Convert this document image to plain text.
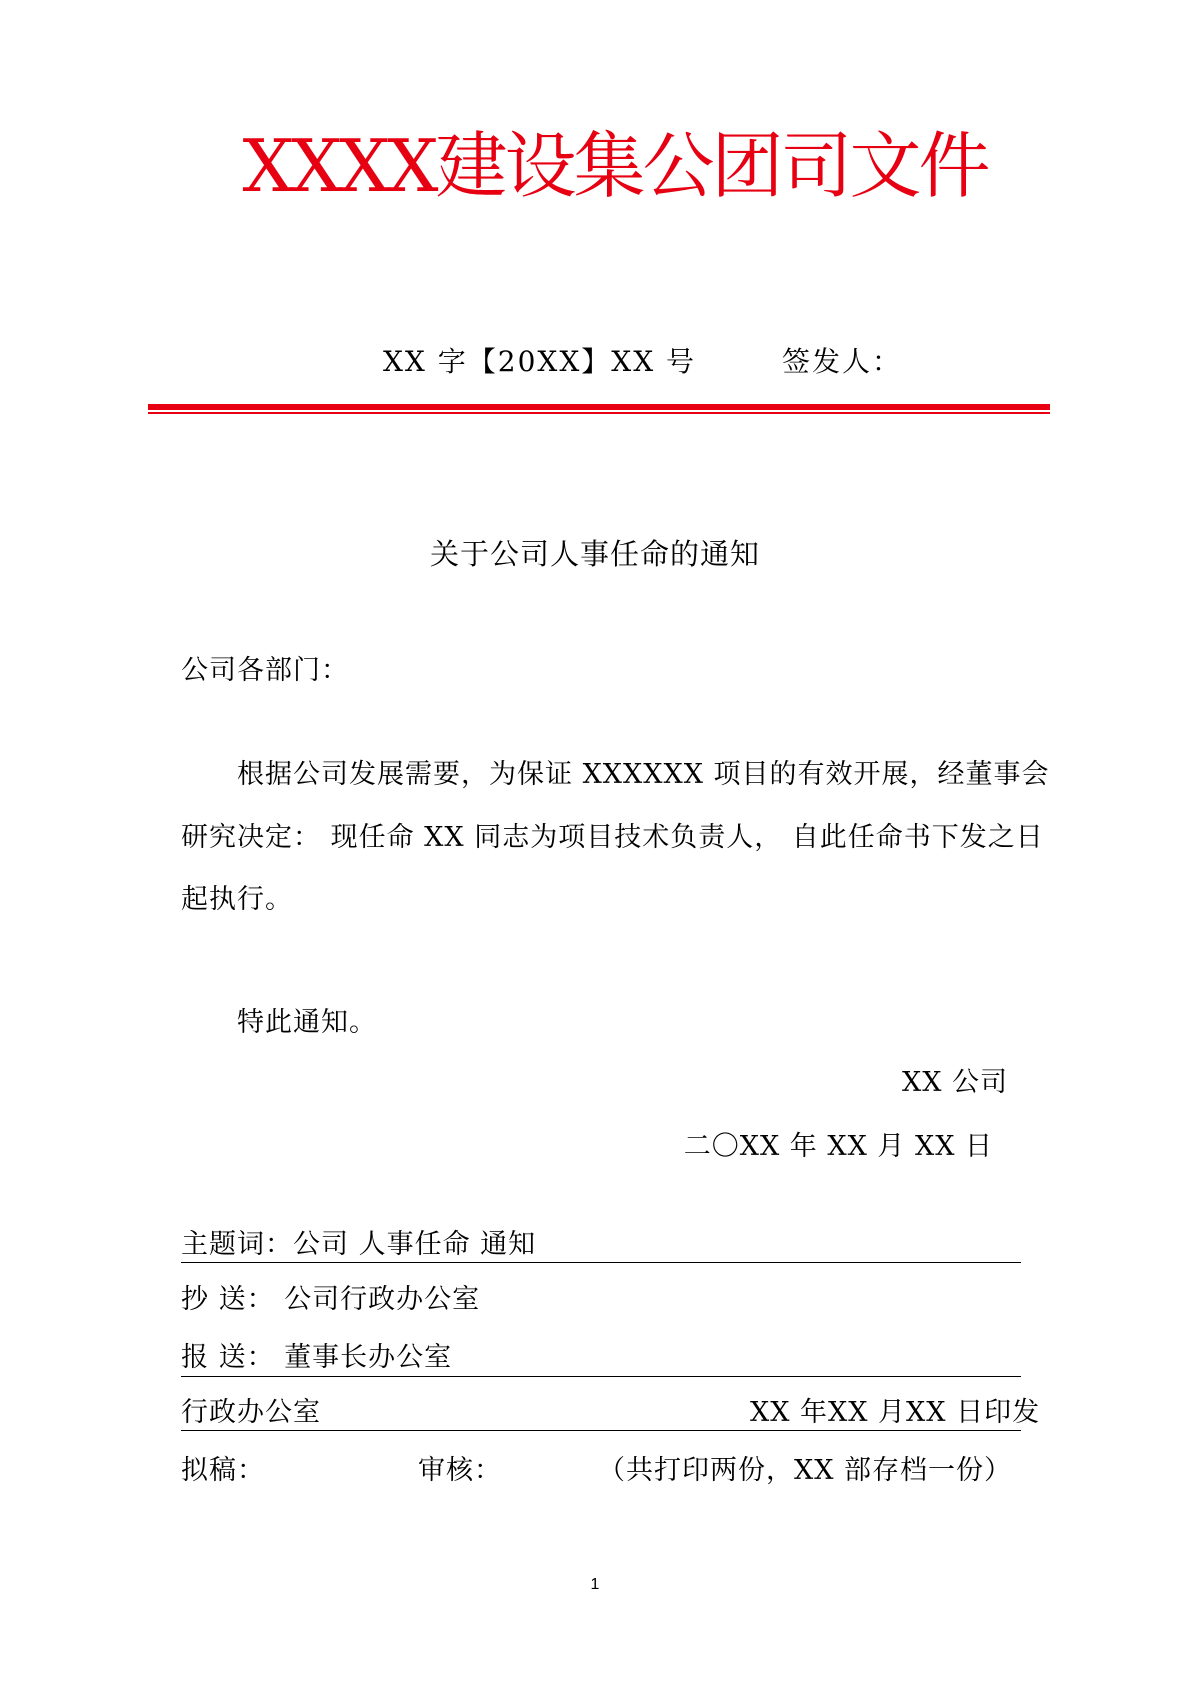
XXXX建设集公团司文件
XX 字【20XX】XX 号	签发人：
关于公司人事任命的通知
公司各部门：
根据公司发展需要，为保证 XXXXXX 项目的有效开展，经董事会
研究决定： 现任命 XX 同志为项目技术负责人， 自此任命书下发之日
起执行。
特此通知。
XX 公司
二〇XX 年 XX 月 XX 日
主题词：公司 人事任命 通知
抄 送： 公司行政办公室
报 送： 董事长办公室
行政办公室	XX 年XX 月XX 日印发
拟稿：	审核：	（共打印两份，XX 部存档一份）
1
